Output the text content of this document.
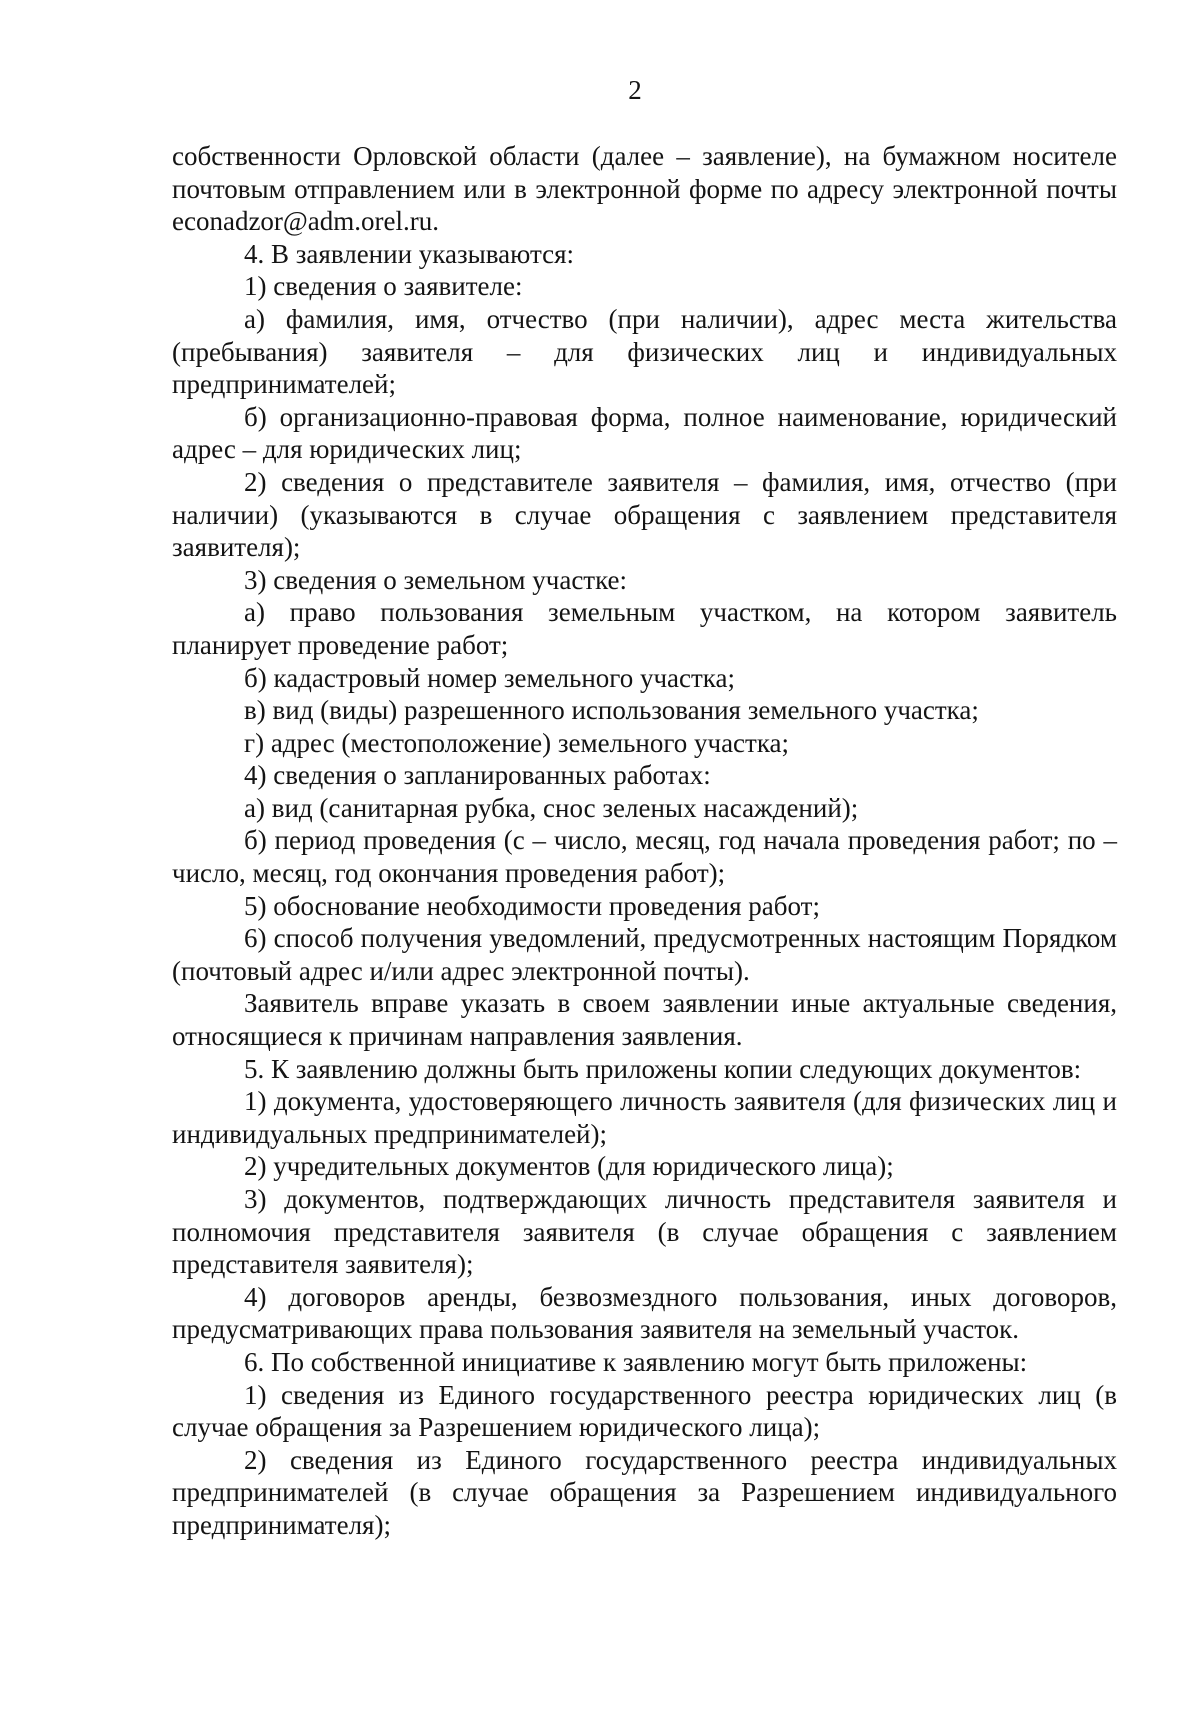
2

собственности Орловской области (далее – заявление), на бумажном носителе почтовым отправлением или в электронной форме по адресу электронной почты econadzor@adm.orel.ru.

4. В заявлении указываются:

1) сведения о заявителе:

а) фамилия, имя, отчество (при наличии), адрес места жительства (пребывания) заявителя – для физических лиц и индивидуальных предпринимателей;

б) организационно-правовая форма, полное наименование, юридический адрес – для юридических лиц;

2) сведения о представителе заявителя – фамилия, имя, отчество (при наличии) (указываются в случае обращения с заявлением представителя заявителя);

3) сведения о земельном участке:

а) право пользования земельным участком, на котором заявитель планирует проведение работ;

б) кадастровый номер земельного участка;

в) вид (виды) разрешенного использования земельного участка;

г) адрес (местоположение) земельного участка;

4) сведения о запланированных работах:

а) вид (санитарная рубка, снос зеленых насаждений);

б) период проведения (с – число, месяц, год начала проведения работ; по – число, месяц, год окончания проведения работ);

5) обоснование необходимости проведения работ;

6) способ получения уведомлений, предусмотренных настоящим Порядком (почтовый адрес и/или адрес электронной почты).

Заявитель вправе указать в своем заявлении иные актуальные сведения, относящиеся к причинам направления заявления.

5. К заявлению должны быть приложены копии следующих документов:

1) документа, удостоверяющего личность заявителя (для физических лиц и индивидуальных предпринимателей);

2) учредительных документов (для юридического лица);

3) документов, подтверждающих личность представителя заявителя и полномочия представителя заявителя (в случае обращения с заявлением представителя заявителя);

4) договоров аренды, безвозмездного пользования, иных договоров, предусматривающих права пользования заявителя на земельный участок.

6. По собственной инициативе к заявлению могут быть приложены:

1) сведения из Единого государственного реестра юридических лиц (в случае обращения за Разрешением юридического лица);

2) сведения из Единого государственного реестра индивидуальных предпринимателей (в случае обращения за Разрешением индивидуального предпринимателя);
